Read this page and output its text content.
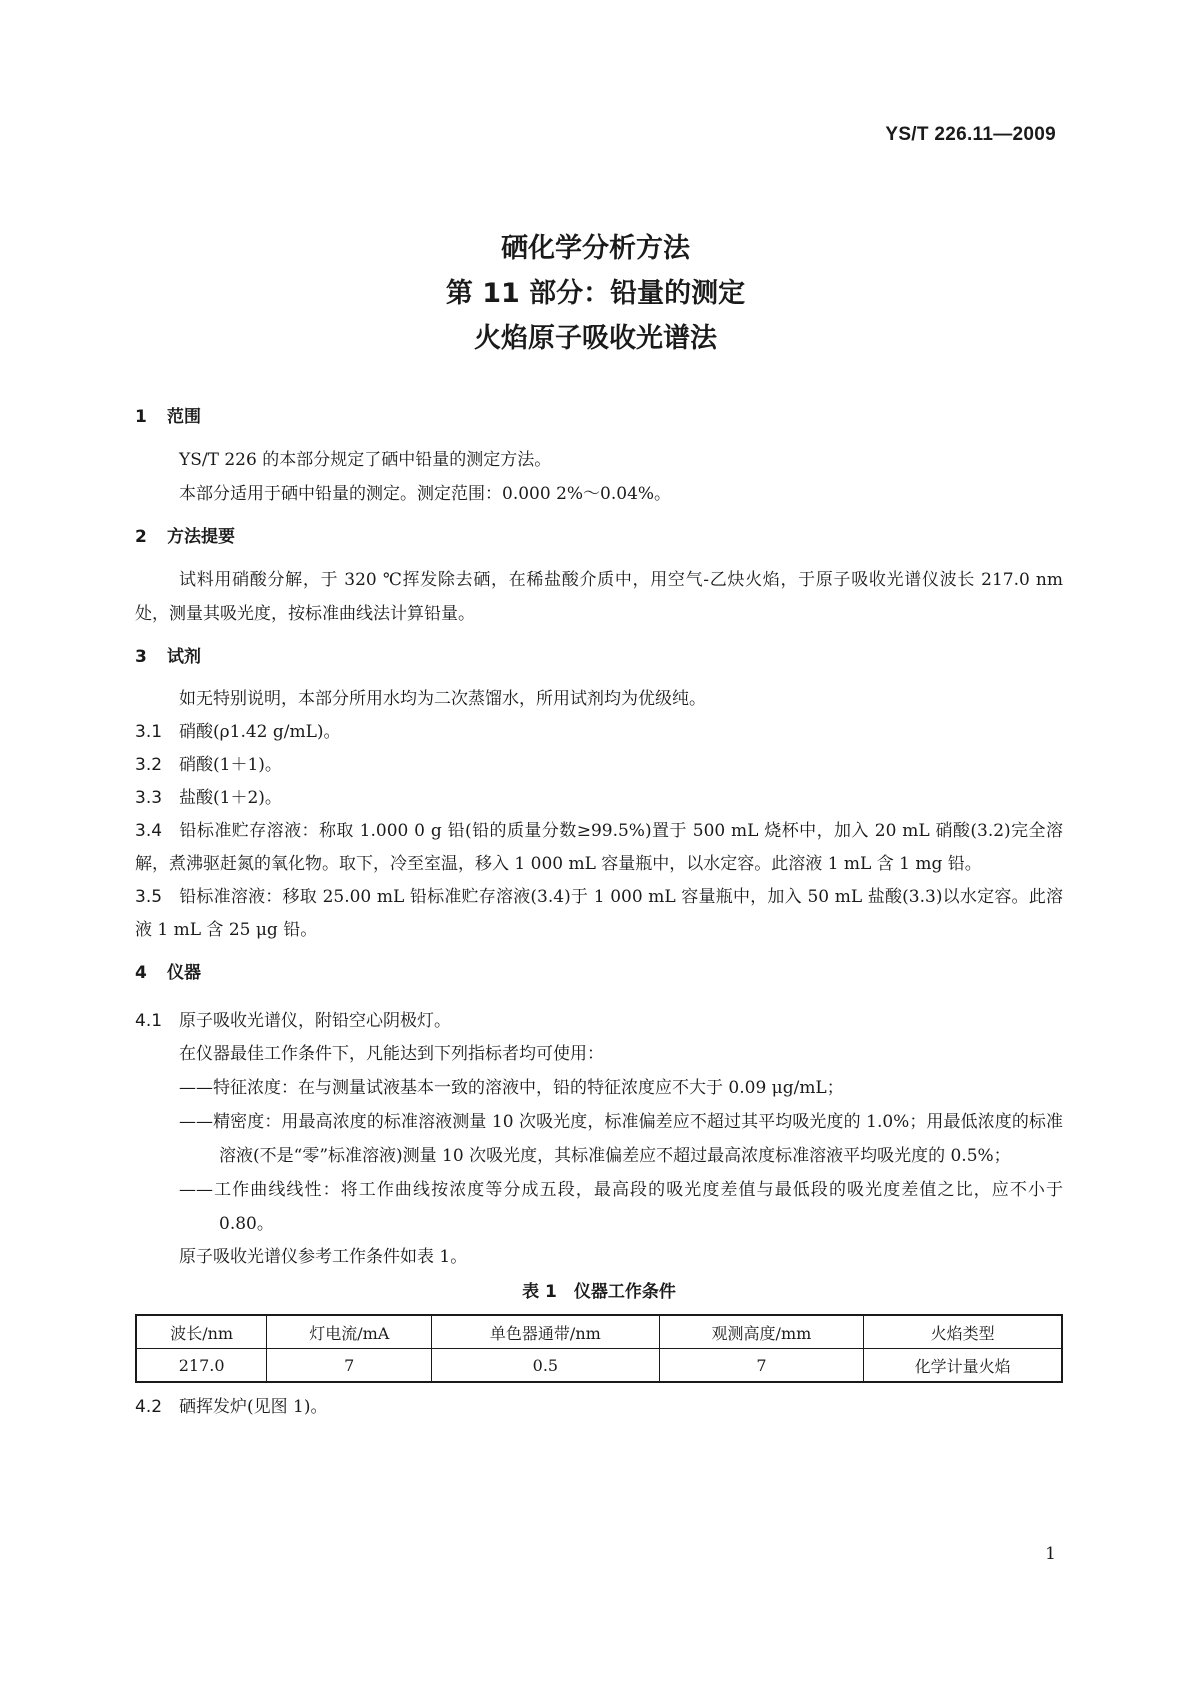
YS/T 226.11—2009
硒化学分析方法
第 11 部分：铅量的测定
火焰原子吸收光谱法
1 范围
YS/T 226 的本部分规定了硒中铅量的测定方法。
本部分适用于硒中铅量的测定。测定范围：0.000 2%～0.04%。
2 方法提要
试料用硝酸分解，于 320 ℃挥发除去硒，在稀盐酸介质中，用空气-乙炔火焰，于原子吸收光谱仪波长 217.0 nm 处，测量其吸光度，按标准曲线法计算铅量。
3 试剂
如无特别说明，本部分所用水均为二次蒸馏水，所用试剂均为优级纯。
3.1 硝酸(ρ1.42 g/mL)。
3.2 硝酸(1＋1)。
3.3 盐酸(1＋2)。
3.4 铅标准贮存溶液：称取 1.000 0 g 铅(铅的质量分数≥99.5%)置于 500 mL 烧杯中，加入 20 mL 硝酸(3.2)完全溶解，煮沸驱赶氮的氧化物。取下，冷至室温，移入 1 000 mL 容量瓶中，以水定容。此溶液 1 mL 含 1 mg 铅。
3.5 铅标准溶液：移取 25.00 mL 铅标准贮存溶液(3.4)于 1 000 mL 容量瓶中，加入 50 mL 盐酸(3.3)以水定容。此溶液 1 mL 含 25 μg 铅。
4 仪器
4.1 原子吸收光谱仪，附铅空心阴极灯。
在仪器最佳工作条件下，凡能达到下列指标者均可使用：
——特征浓度：在与测量试液基本一致的溶液中，铅的特征浓度应不大于 0.09 μg/mL；
——精密度：用最高浓度的标准溶液测量 10 次吸光度，标准偏差应不超过其平均吸光度的 1.0%；用最低浓度的标准溶液(不是“零”标准溶液)测量 10 次吸光度，其标准偏差应不超过最高浓度标准溶液平均吸光度的 0.5%；
——工作曲线线性：将工作曲线按浓度等分成五段，最高段的吸光度差值与最低段的吸光度差值之比，应不小于 0.80。
原子吸收光谱仪参考工作条件如表 1。
表 1　仪器工作条件
波长/nm	灯电流/mA	单色器通带/nm	观测高度/mm	火焰类型
217.0	7	0.5	7	化学计量火焰
4.2 硒挥发炉(见图 1)。
1
